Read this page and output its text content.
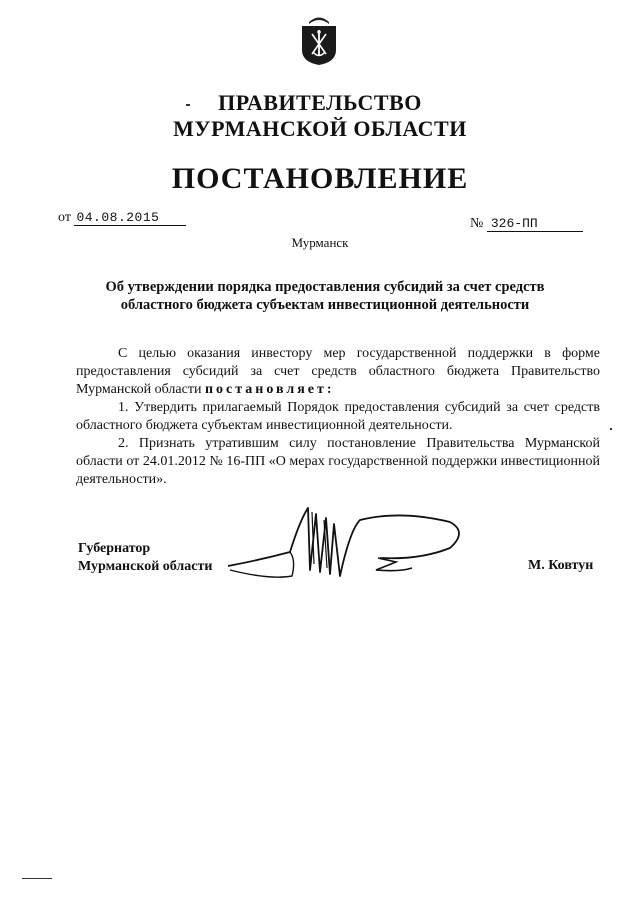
ПРАВИТЕЛЬСТВО
МУРМАНСКОЙ ОБЛАСТИ
ПОСТАНОВЛЕНИЕ
от 04.08.2015	№ 326-ПП
Мурманск
Об утверждении порядка предоставления субсидий за счет средств
областного бюджета субъектам инвестиционной деятельности

С целью оказания инвестору мер государственной поддержки в форме предоставления субсидий за счет средств областного бюджета Правительство Мурманской области постановляет:

1. Утвердить прилагаемый Порядок предоставления субсидий за счет средств областного бюджета субъектам инвестиционной деятельности.

2. Признать утратившим силу постановление Правительства Мурманской области от 24.01.2012 № 16-ПП «О мерах государственной поддержки инвестиционной деятельности».

Губернатор
Мурманской области	М. Ковтун
